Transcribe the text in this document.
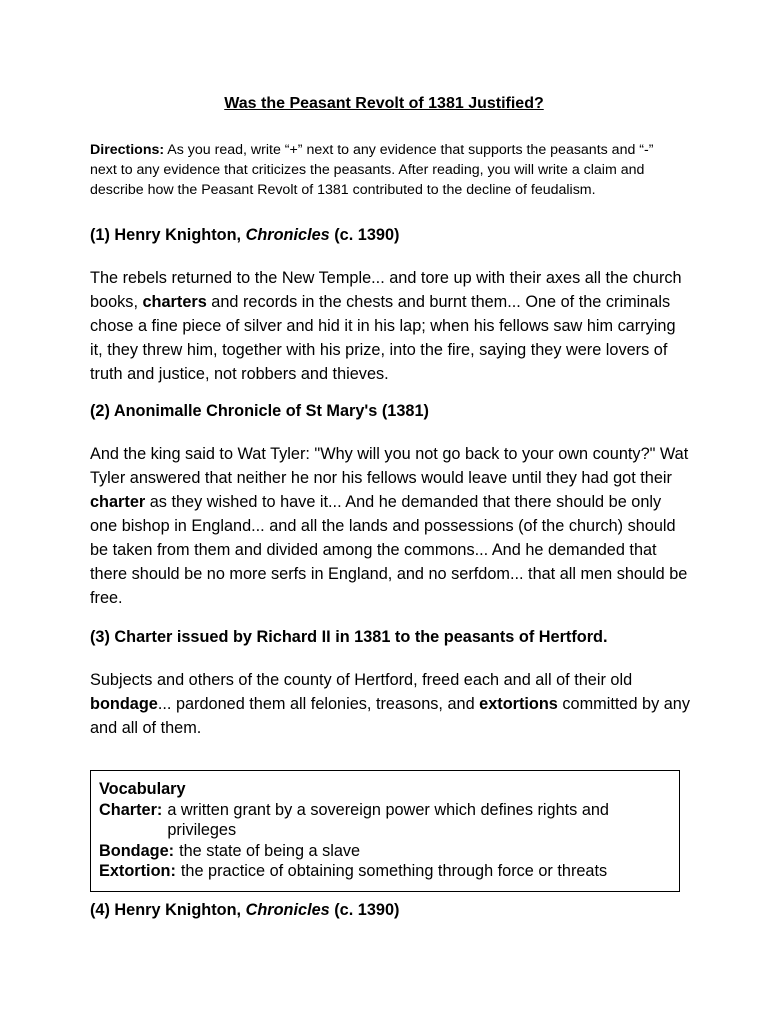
Was the Peasant Revolt of 1381 Justified?
Directions: As you read, write “+” next to any evidence that supports the peasants and “-” next to any evidence that criticizes the peasants. After reading, you will write a claim and describe how the Peasant Revolt of 1381 contributed to the decline of feudalism.
(1) Henry Knighton, Chronicles (c. 1390)
The rebels returned to the New Temple... and tore up with their axes all the church books, charters and records in the chests and burnt them... One of the criminals chose a fine piece of silver and hid it in his lap; when his fellows saw him carrying it, they threw him, together with his prize, into the fire, saying they were lovers of truth and justice, not robbers and thieves.
(2) Anonimalle Chronicle of St Mary's (1381)
And the king said to Wat Tyler: "Why will you not go back to your own county?" Wat Tyler answered that neither he nor his fellows would leave until they had got their charter as they wished to have it... And he demanded that there should be only one bishop in England... and all the lands and possessions (of the church) should be taken from them and divided among the commons... And he demanded that there should be no more serfs in England, and no serfdom... that all men should be free.
(3) Charter issued by Richard II in 1381 to the peasants of Hertford.
Subjects and others of the county of Hertford, freed each and all of their old bondage... pardoned them all felonies, treasons, and extortions committed by any and all of them.
Vocabulary
Charter: a written grant by a sovereign power which defines rights and privileges
Bondage: the state of being a slave
Extortion: the practice of obtaining something through force or threats
(4) Henry Knighton, Chronicles (c. 1390)
